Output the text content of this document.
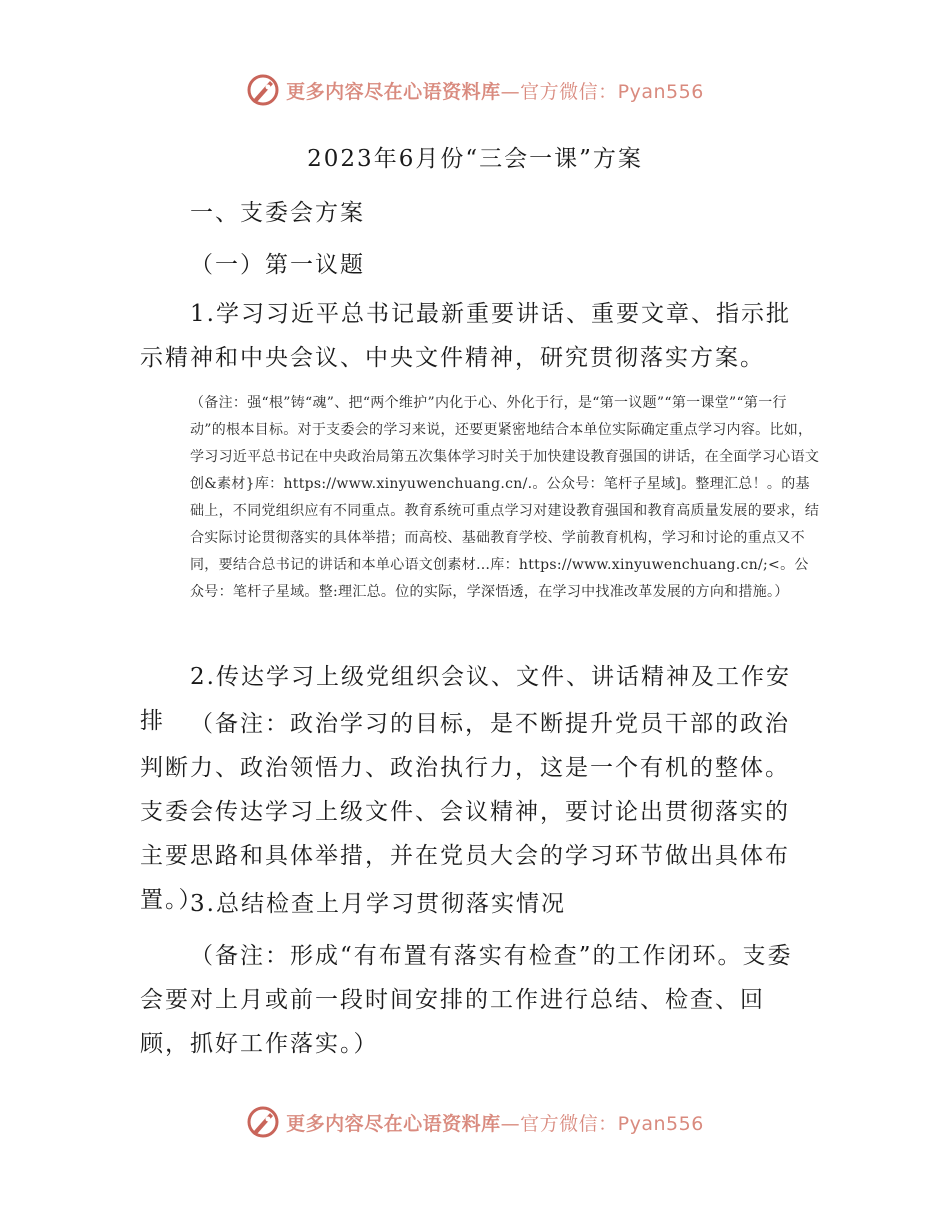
更多内容尽在心语资料库—官方微信：Pyan556
2023年6月份“三会一课”方案
一、支委会方案
（一）第一议题
1.学习习近平总书记最新重要讲话、重要文章、指示批示精神和中央会议、中央文件精神，研究贯彻落实方案。
（备注：强“根”铸“魂”、把“两个维护”内化于心、外化于行，是“第一议题”“第一课堂”“第一行动”的根本目标。对于支委会的学习来说，还要更紧密地结合本单位实际确定重点学习内容。比如，学习习近平总书记在中央政治局第五次集体学习时关于加快建设教育强国的讲话，在全面学习心语文创&素材}库：https://www.xinyuwenchuang.cn/.。公众号：笔杆子星域]。整理汇总！。的基础上，不同党组织应有不同重点。教育系统可重点学习对建设教育强国和教育高质量发展的要求，结合实际讨论贯彻落实的具体举措；而高校、基础教育学校、学前教育机构，学习和讨论的重点又不同，要结合总书记的讲话和本单心语文创素材…库：https://www.xinyuwenchuang.cn/;<。公众号：笔杆子星域。整:理汇总。位的实际，学深悟透，在学习中找准改革发展的方向和措施。）
2.传达学习上级党组织会议、文件、讲话精神及工作安排	（备注：政治学习的目标，是不断提升党员干部的政治判断力、政治领悟力、政治执行力，这是一个有机的整体。支委会传达学习上级文件、会议精神，要讨论出贯彻落实的主要思路和具体举措，并在党员大会的学习环节做出具体布置。）
3.总结检查上月学习贯彻落实情况
（备注：形成“有布置有落实有检查”的工作闭环。支委会要对上月或前一段时间安排的工作进行总结、检查、回顾，抓好工作落实。）
更多内容尽在心语资料库—官方微信：Pyan556
